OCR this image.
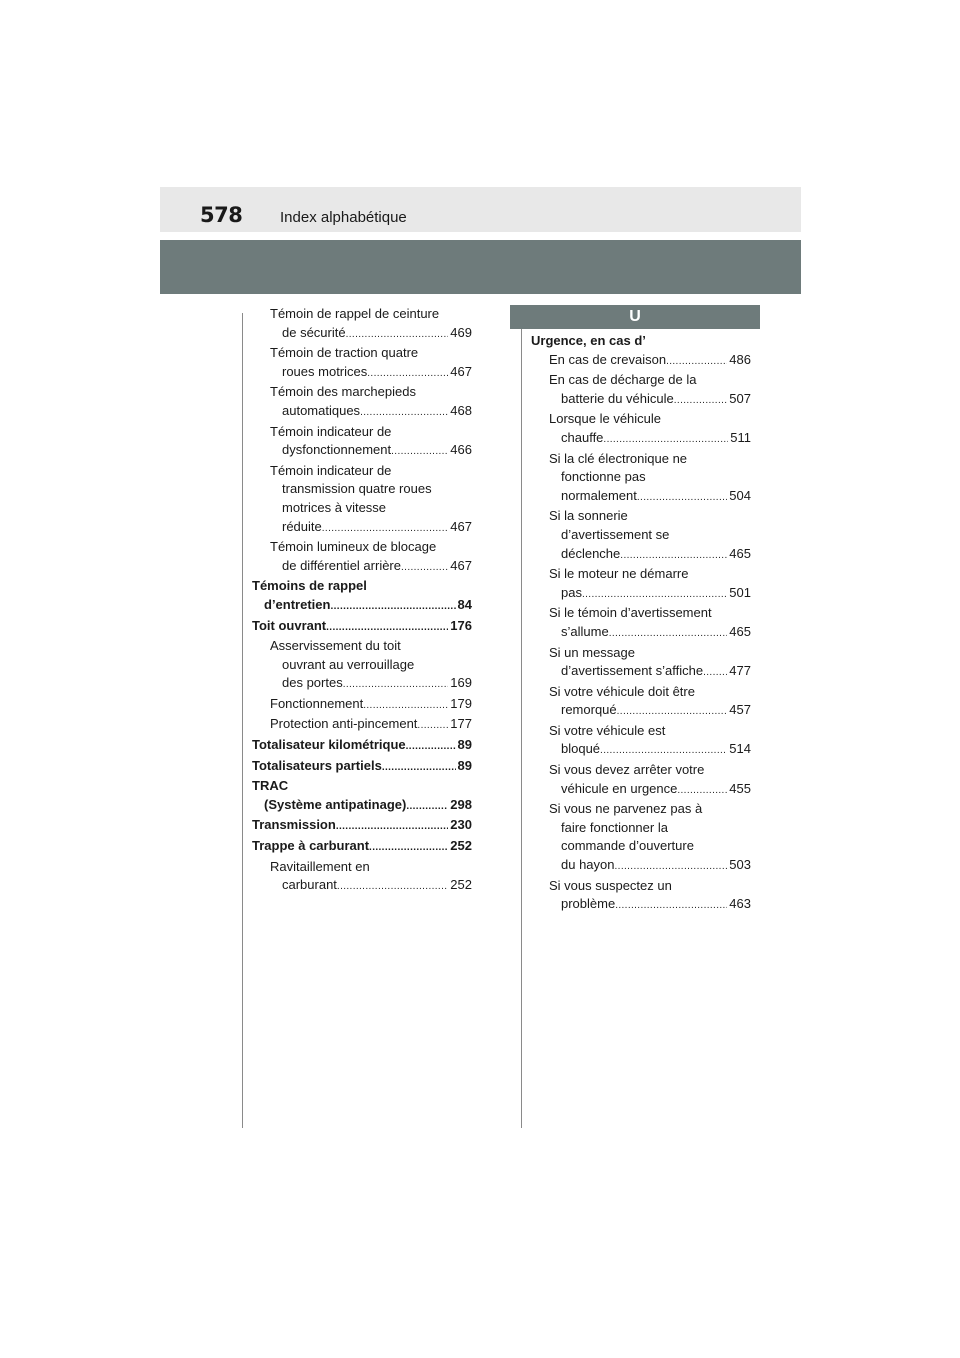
578	Index alphabétique
Témoin de rappel de ceinture
de sécurité . . .	469
Témoin de traction quatre
roues motrices . . .	467
Témoin des marchepieds
automatiques . . .	468
Témoin indicateur de
dysfonctionnement . . .	466
Témoin indicateur de
transmission quatre roues
motrices à vitesse
réduite . . .	467
Témoin lumineux de blocage
de différentiel arrière . . .	467
Témoins de rappel
d’entretien . . .	84
Toit ouvrant . . .	176
Asservissement du toit
ouvrant au verrouillage
des portes . . .	169
Fonctionnement . . .	179
Protection anti-pincement . . .	177
Totalisateur kilométrique . . .	89
Totalisateurs partiels . . .	89
TRAC
(Système antipatinage) . . .	298
Transmission . . .	230
Trappe à carburant . . .	252
Ravitaillement en
carburant . . .	252
U
Urgence, en cas d’
En cas de crevaison . . .	486
En cas de décharge de la
batterie du véhicule . . .	507
Lorsque le véhicule
chauffe . . .	511
Si la clé électronique ne
fonctionne pas
normalement . . .	504
Si la sonnerie
d’avertissement se
déclenche . . .	465
Si le moteur ne démarre
pas . . .	501
Si le témoin d’avertissement
s’allume . . .	465
Si un message
d’avertissement s’affiche . . . 477
Si votre véhicule doit être
remorqué . . .	457
Si votre véhicule est
bloqué . . .	514
Si vous devez arrêter votre
véhicule en urgence . . .	455
Si vous ne parvenez pas à
faire fonctionner la
commande d’ouverture
du hayon . . .	503
Si vous suspectez un
problème . . .	463
